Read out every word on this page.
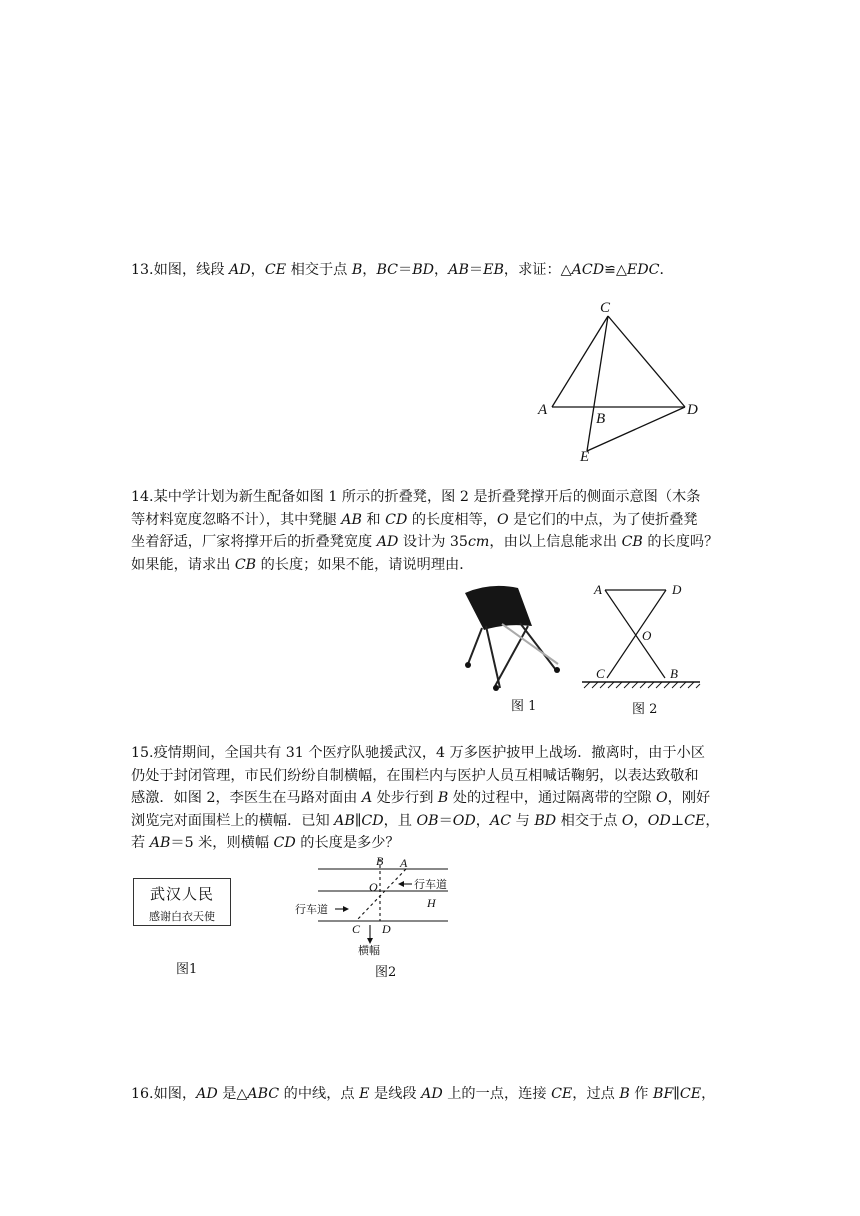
13.如图，线段 AD，CE 相交于点 B，BC＝BD，AB＝EB，求证：△ACD≌△EDC．
C
A
B
D
E
14.某中学计划为新生配备如图 1 所示的折叠凳，图 2 是折叠凳撑开后的侧面示意图（木条
等材料宽度忽略不计），其中凳腿 AB 和 CD 的长度相等，O 是它们的中点，为了使折叠凳
坐着舒适，厂家将撑开后的折叠凳宽度 AD 设计为 35cm，由以上信息能求出 CB 的长度吗？
如果能，请求出 CB 的长度；如果不能，请说明理由．
图 1
A	D
O
C	B
图 2
15.疫情期间，全国共有 31 个医疗队驰援武汉，4 万多医护披甲上战场．撤离时，由于小区
仍处于封闭管理，市民们纷纷自制横幅，在围栏内与医护人员互相喊话鞠躬，以表达致敬和
感激．如图 2，李医生在马路对面由 A 处步行到 B 处的过程中，通过隔离带的空隙 O，刚好
浏览完对面围栏上的横幅．已知 AB∥CD，且 OB＝OD，AC 与 BD 相交于点 O，OD⊥CE，
若 AB＝5 米，则横幅 CD 的长度是多少？
武汉人民
感谢白衣天使
图1
B A
O
H
C D
行车道
行车道
横幅
图2
16.如图，AD 是△ABC 的中线，点 E 是线段 AD 上的一点，连接 CE，过点 B 作 BF∥CE，
